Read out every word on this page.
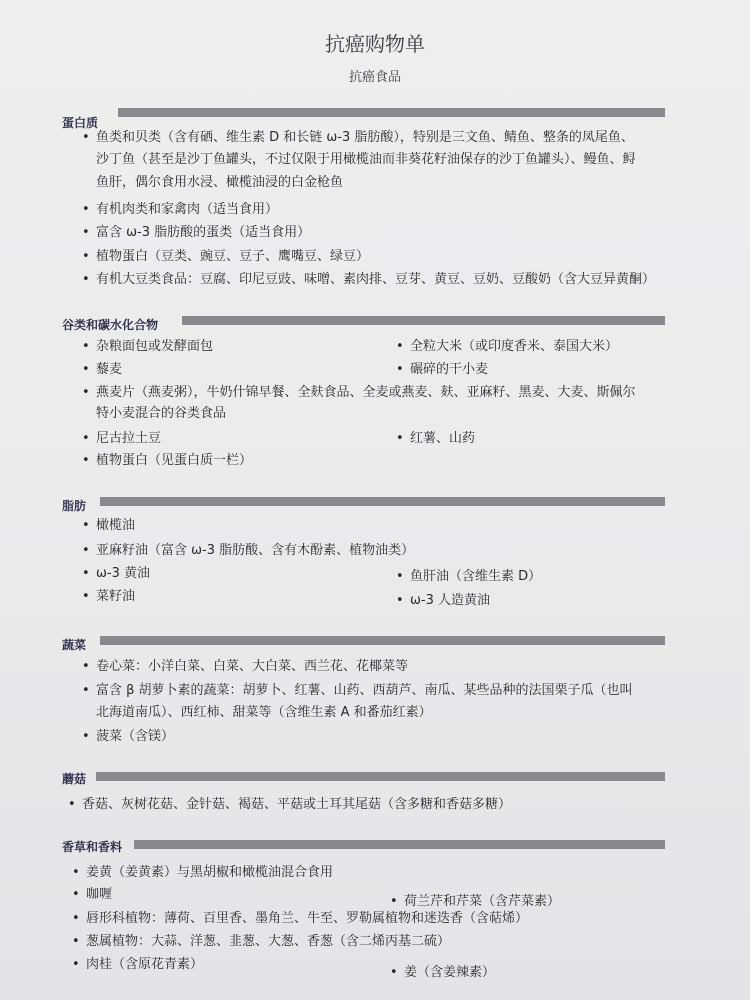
抗癌购物单
抗癌食品
蛋白质
• 鱼类和贝类（含有硒、维生素 D 和长链 ω-3 脂肪酸），特别是三文鱼、鲭鱼、整条的凤尾鱼、
沙丁鱼（甚至是沙丁鱼罐头，不过仅限于用橄榄油而非葵花籽油保存的沙丁鱼罐头）、鳗鱼、鲟
鱼肝，偶尔食用水浸、橄榄油浸的白金枪鱼
• 有机肉类和家禽肉（适当食用）
• 富含 ω-3 脂肪酸的蛋类（适当食用）
• 植物蛋白（豆类、豌豆、豆子、鹰嘴豆、绿豆）
• 有机大豆类食品：豆腐、印尼豆豉、味噌、素肉排、豆芽、黄豆、豆奶、豆酸奶（含大豆异黄酮）
谷类和碳水化合物
• 杂粮面包或发酵面包	• 全粒大米（或印度香米、泰国大米）
• 藜麦	• 碾碎的干小麦
• 燕麦片（燕麦粥），牛奶什锦早餐、全麸食品、全麦或燕麦、麸、亚麻籽、黑麦、大麦、斯佩尔
特小麦混合的谷类食品
• 尼古拉土豆	• 红薯、山药
• 植物蛋白（见蛋白质一栏）
脂肪
• 橄榄油
• 亚麻籽油（富含 ω-3 脂肪酸、含有木酚素、植物油类）
• ω-3 黄油	• 鱼肝油（含维生素 D）
• 菜籽油	• ω-3 人造黄油
蔬菜
• 卷心菜：小洋白菜、白菜、大白菜、西兰花、花椰菜等
• 富含 β 胡萝卜素的蔬菜：胡萝卜、红薯、山药、西葫芦、南瓜、某些品种的法国栗子瓜（也叫
北海道南瓜）、西红柿、甜菜等（含维生素 A 和番茄红素）
• 菠菜（含镁）
蘑菇
• 香菇、灰树花菇、金针菇、褐菇、平菇或土耳其尾菇（含多糖和香菇多糖）
香草和香料
• 姜黄（姜黄素）与黑胡椒和橄榄油混合食用
• 咖喱	• 荷兰芹和芹菜（含芹菜素）
• 唇形科植物：薄荷、百里香、墨角兰、牛至、罗勒属植物和迷迭香（含萜烯）
• 葱属植物：大蒜、洋葱、韭葱、大葱、香葱（含二烯丙基二硫）
• 肉桂（含原花青素）
• 姜（含姜辣素）
